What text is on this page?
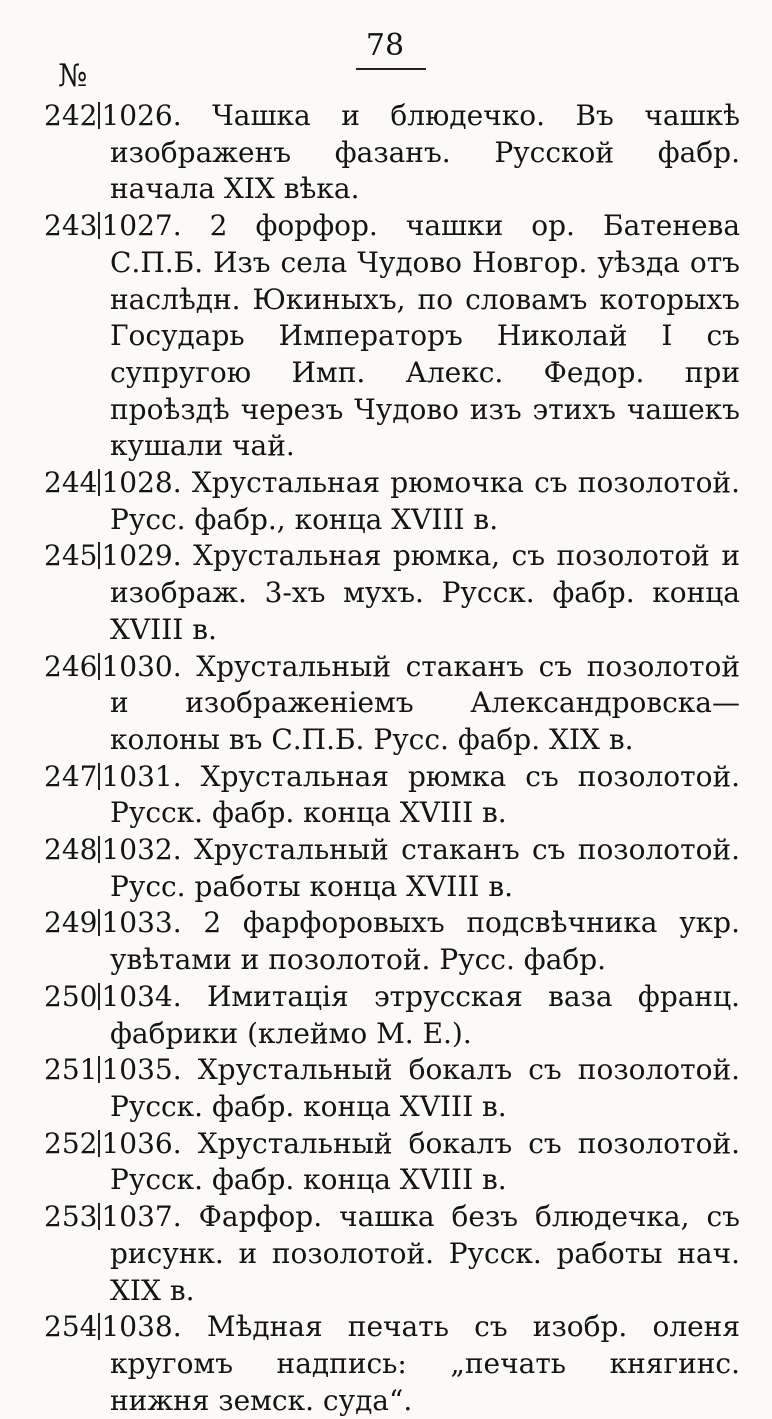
78
№

242 1026. Чашка и блюдечко. Въ чашкѣ изображенъ фазанъ. Русской фабр. начала XIX вѣка.

243 1027. 2 форфор. чашки ор. Батенева С.П.Б. Изъ села Чудово Новгор. уѣзда отъ наслѣдн. Юкиныхъ, по словамъ которыхъ Государь Императоръ Николай I съ супругою Имп. Алекс. Федор. при проѣздѣ черезъ Чудово изъ этихъ чашекъ кушали чай.

244 1028. Хрустальная рюмочка съ позолотой. Русс. фабр., конца XVIII в.

245 1029. Хрустальная рюмка, съ позолотой и изображ. 3-хъ мухъ. Русск. фабр. конца XVIII в.

246 1030. Хрустальный стаканъ съ позолотой и изображенiемъ Александровска—колоны въ С.П.Б. Русс. фабр. XIX в.

247 1031. Хрустальная рюмка съ позолотой. Русск. фабр. конца XVIII в.

248 1032. Хрустальный стаканъ съ позолотой. Русс. работы конца XVIII в.

249 1033. 2 фарфоровыхъ подсвѣчника укр. увѣтами и позолотой. Русс. фабр.

250 1034. Имитацiя этрусская ваза франц. фабрики (клеймо М. Е.).

251 1035. Хрустальный бокалъ съ позолотой. Русск. фабр. конца XVIII в.

252 1036. Хрустальный бокалъ съ позолотой. Русск. фабр. конца XVIII в.

253 1037. Фарфор. чашка безъ блюдечка, съ рисунк. и позолотой. Русск. работы нач. XIX в.

254 1038. Мѣдная печать съ изобр. оленя кругомъ надпись: „печать княгинс. нижня земск. суда“.
